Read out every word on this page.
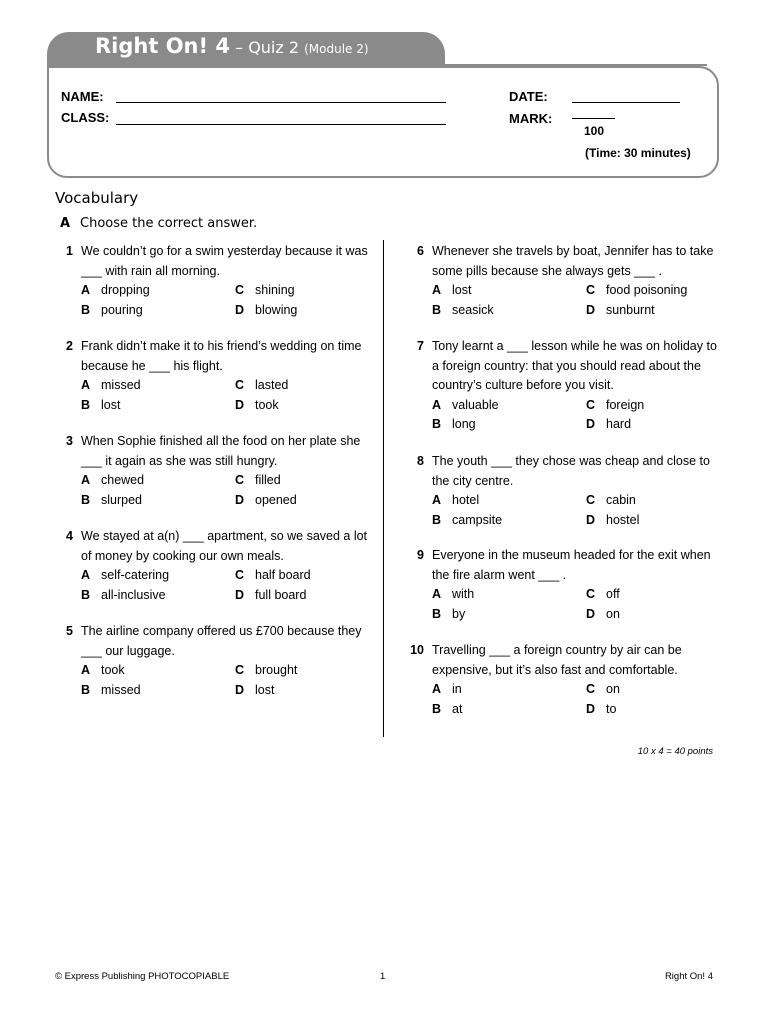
Right On! 4 – Quiz 2 (Module 2)
NAME:
CLASS:
DATE:
MARK:
100
(Time: 30 minutes)
Vocabulary
A Choose the correct answer.
1 We couldn’t go for a swim yesterday because it was ___ with rain all morning.
A dropping	C shining
B pouring	D blowing
2 Frank didn’t make it to his friend’s wedding on time because he ___ his flight.
A missed	C lasted
B lost	D took
3 When Sophie finished all the food on her plate she ___ it again as she was still hungry.
A chewed	C filled
B slurped	D opened
4 We stayed at a(n) ___ apartment, so we saved a lot of money by cooking our own meals.
A self-catering	C half board
B all-inclusive	D full board
5 The airline company offered us £700 because they ___ our luggage.
A took	C brought
B missed	D lost
6 Whenever she travels by boat, Jennifer has to take some pills because she always gets ___ .
A lost	C food poisoning
B seasick	D sunburnt
7 Tony learnt a ___ lesson while he was on holiday to a foreign country: that you should read about the country’s culture before you visit.
A valuable	C foreign
B long	D hard
8 The youth ___ they chose was cheap and close to the city centre.
A hotel	C cabin
B campsite	D hostel
9 Everyone in the museum headed for the exit when the fire alarm went ___ .
A with	C off
B by	D on
10 Travelling ___ a foreign country by air can be expensive, but it’s also fast and comfortable.
A in	C on
B at	D to
10 x 4 = 40 points
© Express Publishing PHOTOCOPIABLE	1	Right On! 4
